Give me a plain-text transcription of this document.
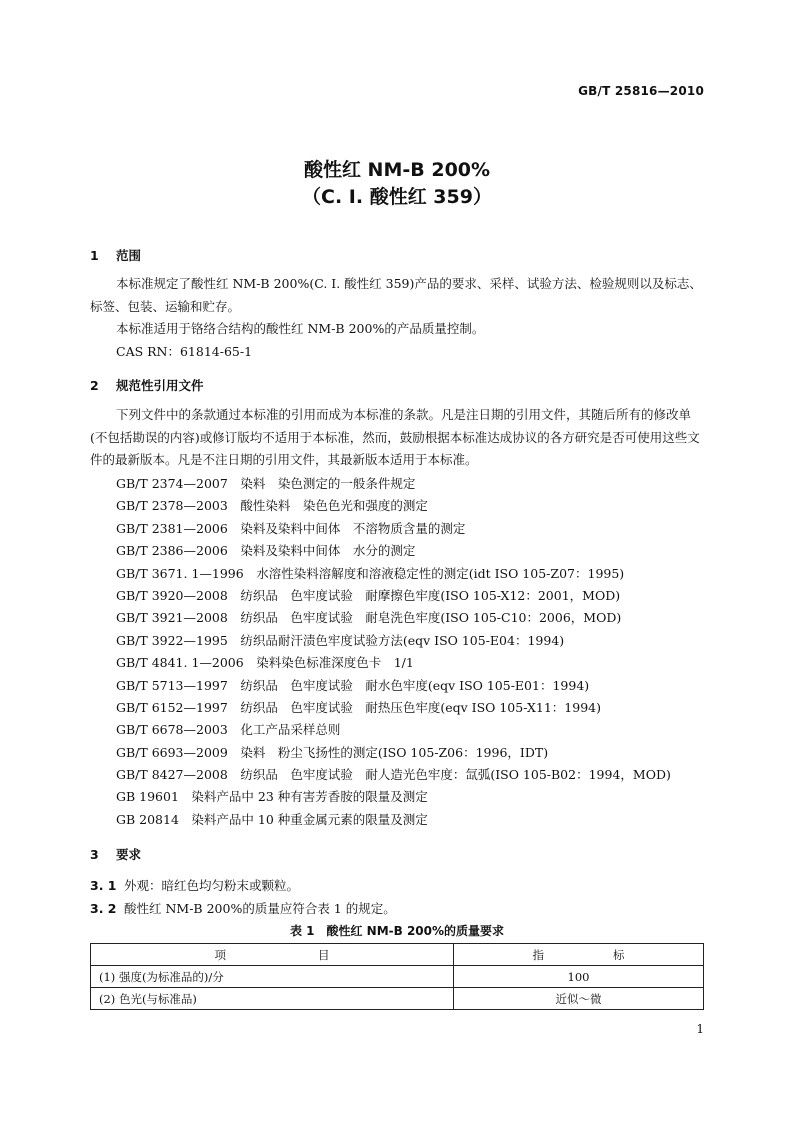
GB/T 25816—2010
酸性红 NM-B 200%
（C. I. 酸性红 359）
1 范围
本标准规定了酸性红 NM-B 200%(C. I. 酸性红 359)产品的要求、采样、试验方法、检验规则以及标志、标签、包装、运输和贮存。
本标准适用于铬络合结构的酸性红 NM-B 200%的产品质量控制。
CAS RN：61814-65-1
2 规范性引用文件
下列文件中的条款通过本标准的引用而成为本标准的条款。凡是注日期的引用文件，其随后所有的修改单(不包括勘误的内容)或修订版均不适用于本标准，然而，鼓励根据本标准达成协议的各方研究是否可使用这些文件的最新版本。凡是不注日期的引用文件，其最新版本适用于本标准。
GB/T 2374—2007　染料　染色测定的一般条件规定
GB/T 2378—2003　酸性染料　染色色光和强度的测定
GB/T 2381—2006　染料及染料中间体　不溶物质含量的测定
GB/T 2386—2006　染料及染料中间体　水分的测定
GB/T 3671. 1—1996　水溶性染料溶解度和溶液稳定性的测定(idt ISO 105-Z07：1995)
GB/T 3920—2008　纺织品　色牢度试验　耐摩擦色牢度(ISO 105-X12：2001，MOD)
GB/T 3921—2008　纺织品　色牢度试验　耐皂洗色牢度(ISO 105-C10：2006，MOD)
GB/T 3922—1995　纺织品耐汗渍色牢度试验方法(eqv ISO 105-E04：1994)
GB/T 4841. 1—2006　染料染色标准深度色卡　1/1
GB/T 5713—1997　纺织品　色牢度试验　耐水色牢度(eqv ISO 105-E01：1994)
GB/T 6152—1997　纺织品　色牢度试验　耐热压色牢度(eqv ISO 105-X11：1994)
GB/T 6678—2003　化工产品采样总则
GB/T 6693—2009　染料　粉尘飞扬性的测定(ISO 105-Z06：1996，IDT)
GB/T 8427—2008　纺织品　色牢度试验　耐人造光色牢度：氙弧(ISO 105-B02：1994，MOD)
GB 19601　染料产品中 23 种有害芳香胺的限量及测定
GB 20814　染料产品中 10 种重金属元素的限量及测定
3 要求
3. 1 外观：暗红色均匀粉末或颗粒。
3. 2 酸性红 NM-B 200%的质量应符合表 1 的规定。
表 1　酸性红 NM-B 200%的质量要求
项　　　　　　　　目	指　　　　　　标
(1) 强度(为标准品的)/分	100
(2) 色光(与标准品)	近似～微
1
